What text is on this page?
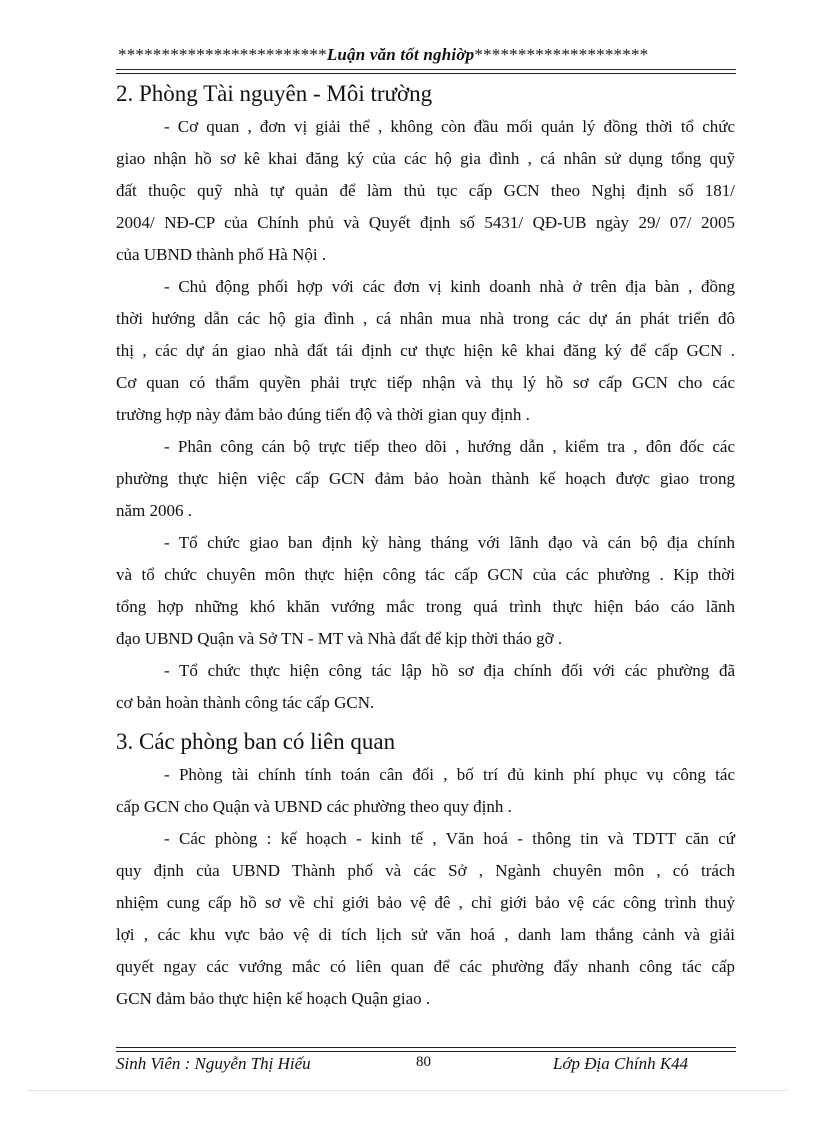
************************Luận văn tốt nghiờp********************
2. Phòng Tài nguyên - Môi trường
- Cơ quan , đơn vị giải thể , không còn đầu mối quản lý đồng thời tổ chức
giao nhận hồ sơ kê khai đăng ký của các hộ gia đình , cá nhân sử dụng tổng quỹ
đất thuộc quỹ nhà tự quản để làm thủ tục cấp GCN theo Nghị định số 181/
2004/ NĐ-CP của Chính phủ và Quyết định số 5431/ QĐ-UB ngày 29/ 07/ 2005
của UBND thành phố Hà Nội .
- Chủ động phối hợp với các đơn vị kinh doanh nhà ở trên địa bàn , đồng
thời hướng dẫn các hộ gia đình , cá nhân mua nhà trong các dự án phát triển đô
thị , các dự án giao nhà đất tái định cư thực hiện kê khai đăng ký để cấp GCN .
Cơ quan có thẩm quyền phải trực tiếp nhận và thụ lý hồ sơ cấp GCN cho các
trường hợp này đảm bảo đúng tiến độ và thời gian quy định .
- Phân công cán bộ trực tiếp theo dõi , hướng dẫn , kiểm tra , đôn đốc các
phường thực hiện việc cấp GCN đảm bảo hoàn thành kế hoạch được giao trong
năm 2006 .
- Tổ chức giao ban định kỳ hàng tháng với lãnh đạo và cán bộ địa chính
và tổ chức chuyên môn thực hiện công tác cấp GCN của các phường . Kịp thời
tổng hợp những khó khăn vướng mắc trong quá trình thực hiện báo cáo lãnh
đạo UBND Quận và Sở TN - MT và Nhà đất để kịp thời tháo gỡ .
- Tổ chức thực hiện công tác lập hồ sơ địa chính đối với các phường đã
cơ bản hoàn thành công tác cấp GCN.
3. Các phòng ban có liên quan
- Phòng tài chính tính toán cân đối , bố trí đủ kinh phí phục vụ công tác
cấp GCN cho Quận và UBND các phường theo quy định .
- Các phòng : kế hoạch - kinh tế , Văn hoá - thông tin và TDTT căn cứ
quy định của UBND Thành phố và các Sở , Ngành chuyên môn , có trách
nhiệm cung cấp hồ sơ về chỉ giới bảo vệ đê , chỉ giới bảo vệ các công trình thuỷ
lợi , các khu vực bảo vệ di tích lịch sử văn hoá , danh lam thắng cảnh và giải
quyết ngay các vướng mắc có liên quan để các phường đẩy nhanh công tác cấp
GCN đảm bảo thực hiện kế hoạch Quận giao .
Sinh Viên : Nguyễn Thị Hiếu	80	Lớp Địa Chính K44
